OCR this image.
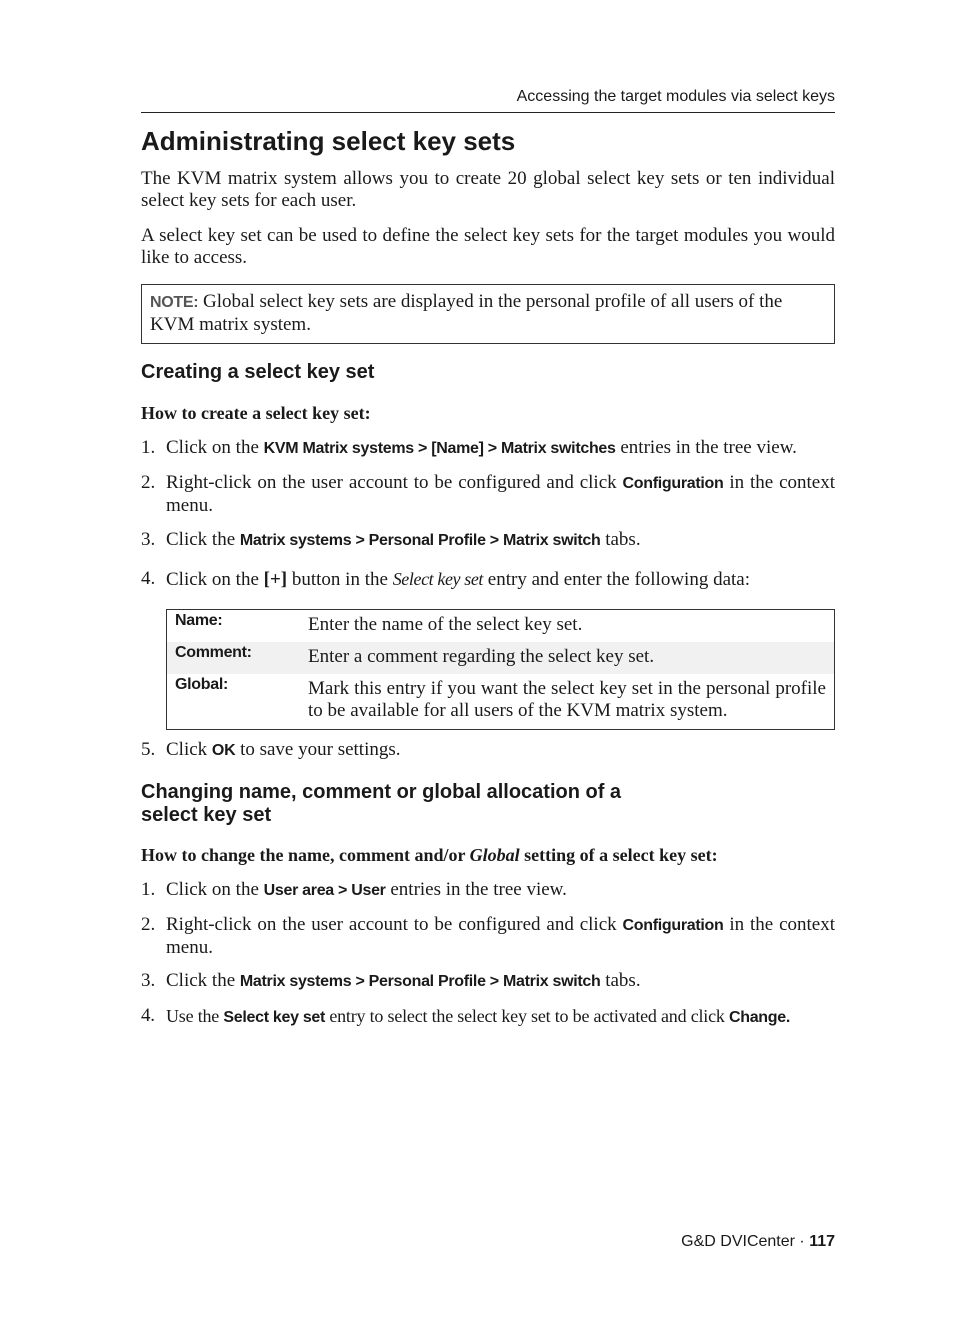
Accessing the target modules via select keys
Administrating select key sets

The KVM matrix system allows you to create 20 global select key sets or ten individual select key sets for each user.

A select key set can be used to define the select key sets for the target modules you would like to access.

NOTE: Global select key sets are displayed in the personal profile of all users of the KVM matrix system.
Creating a select key set

How to create a select key set:

1. Click on the KVM Matrix systems > [Name] > Matrix switches entries in the tree view.
2. Right-click on the user account to be configured and click Configuration in the context menu.
3. Click the Matrix systems > Personal Profile > Matrix switch tabs.
4. Click on the [+] button in the Select key set entry and enter the following data:
Name:	Enter the name of the select key set.
Comment:	Enter a comment regarding the select key set.
Global:	Mark this entry if you want the select key set in the personal profile to be available for all users of the KVM matrix system.
5. Click OK to save your settings.
Changing name, comment or global allocation of a
select key set

How to change the name, comment and/or Global setting of a select key set:

1. Click on the User area > User entries in the tree view.
2. Right-click on the user account to be configured and click Configuration in the context menu.
3. Click the Matrix systems > Personal Profile > Matrix switch tabs.
4. Use the Select key set entry to select the select key set to be activated and click Change.
G&D DVICenter · 117
